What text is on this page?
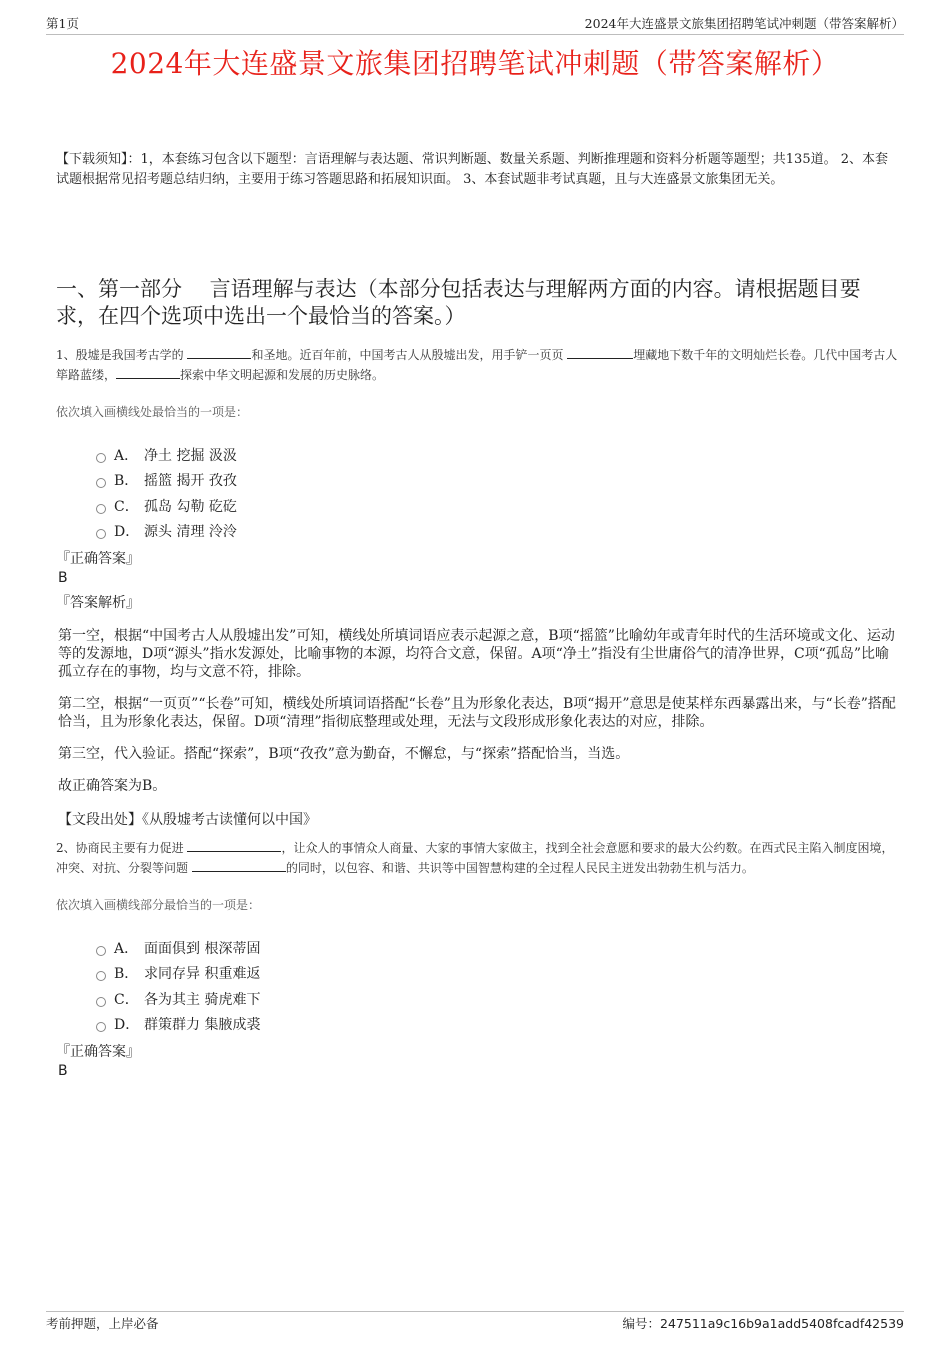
第1页	2024年大连盛景文旅集团招聘笔试冲刺题（带答案解析）
2024年大连盛景文旅集团招聘笔试冲刺题（带答案解析）
【下载须知】：1，本套练习包含以下题型：言语理解与表达题、常识判断题、数量关系题、判断推理题和资料分析题等题型；共135道。 2、本套试题根据常见招考题总结归纳，主要用于练习答题思路和拓展知识面。 3、本套试题非考试真题，且与大连盛景文旅集团无关。
一、第一部分　 言语理解与表达（本部分包括表达与理解两方面的内容。请根据题目要求，在四个选项中选出一个最恰当的答案。）
1、殷墟是我国考古学的	和圣地。近百年前，中国考古人从殷墟出发，用手铲一页页	埋藏地下数千年的文明灿烂长卷。几代中国考古人筚路蓝缕，	探索中华文明起源和发展的历史脉络。
依次填入画横线处最恰当的一项是：
A． 净土 挖掘 汲汲
B． 摇篮 揭开 孜孜
C． 孤岛 勾勒 矻矻
D． 源头 清理 泠泠
『正确答案』
B
『答案解析』
第一空，根据“中国考古人从殷墟出发”可知，横线处所填词语应表示起源之意，B项“摇篮”比喻幼年或青年时代的生活环境或文化、运动等的发源地，D项“源头”指水发源处，比喻事物的本源，均符合文意，保留。A项“净土”指没有尘世庸俗气的清净世界，C项“孤岛”比喻孤立存在的事物，均与文意不符，排除。
第二空，根据“一页页”“长卷”可知，横线处所填词语搭配“长卷”且为形象化表达，B项“揭开”意思是使某样东西暴露出来，与“长卷”搭配恰当，且为形象化表达，保留。D项“清理”指彻底整理或处理，无法与文段形成形象化表达的对应，排除。
第三空，代入验证。搭配“探索”，B项“孜孜”意为勤奋，不懈怠，与“探索”搭配恰当，当选。
故正确答案为B。
【文段出处】《从殷墟考古读懂何以中国》
2、协商民主要有力促进	，让众人的事情众人商量、大家的事情大家做主，找到全社会意愿和要求的最大公约数。在西式民主陷入制度困境，冲突、对抗、分裂等问题	的同时，以包容、和谐、共识等中国智慧构建的全过程人民民主迸发出勃勃生机与活力。
依次填入画横线部分最恰当的一项是：
A． 面面俱到 根深蒂固
B． 求同存异 积重难返
C． 各为其主 骑虎难下
D． 群策群力 集腋成裘
『正确答案』
B
考前押题，上岸必备	编号：247511a9c16b9a1add5408fcadf42539
